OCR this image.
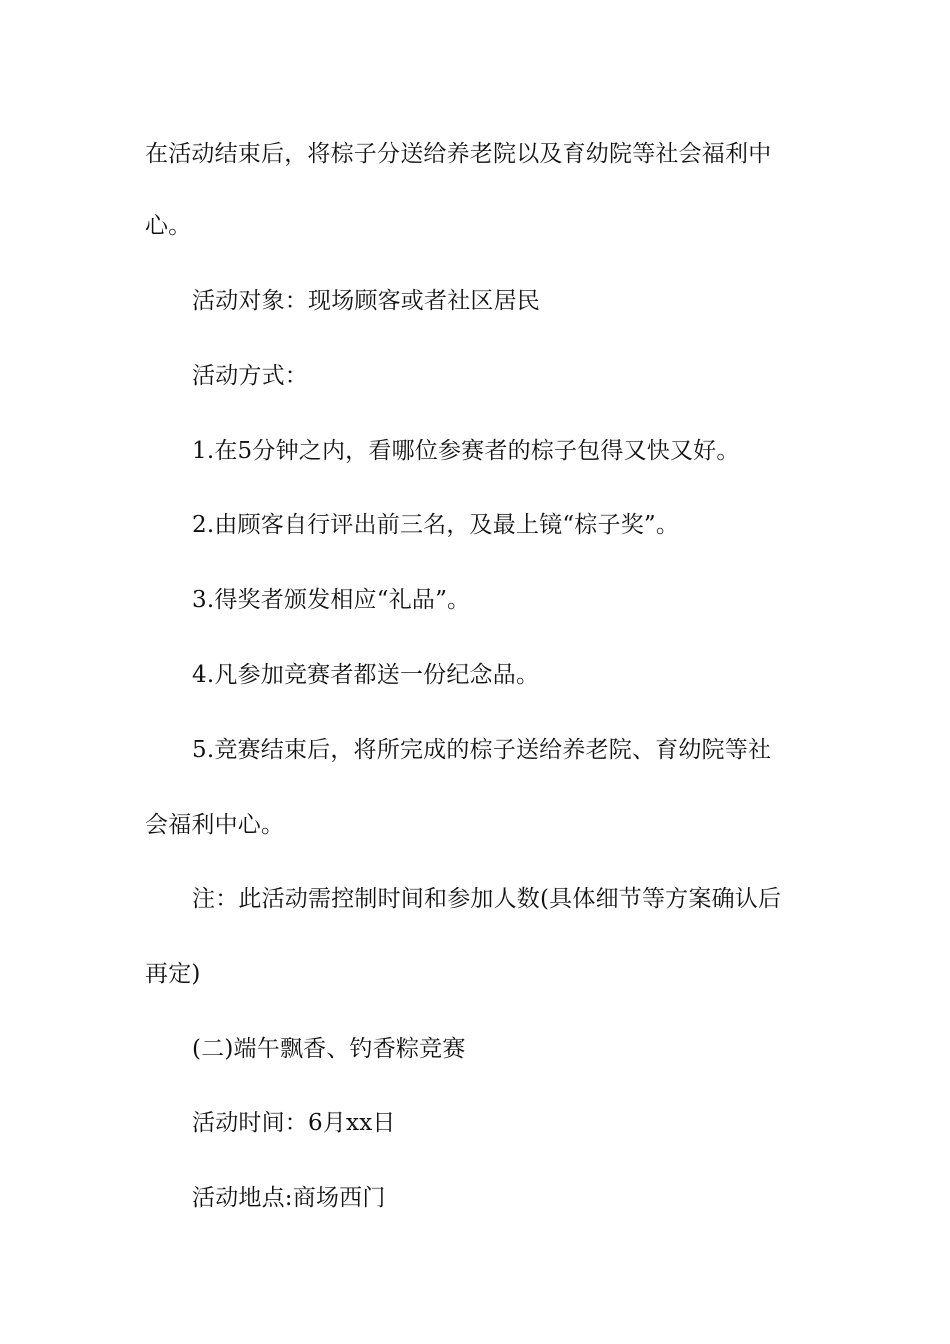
在活动结束后，将棕子分送给养老院以及育幼院等社会福利中
心。
活动对象：现场顾客或者社区居民
活动方式：
1.在5分钟之内，看哪位参赛者的棕子包得又快又好。
2.由顾客自行评出前三名，及最上镜“棕子奖”。
3.得奖者颁发相应“礼品”。
4.凡参加竞赛者都送一份纪念品。
5.竞赛结束后，将所完成的棕子送给养老院、育幼院等社
会福利中心。
注：此活动需控制时间和参加人数(具体细节等方案确认后
再定)
(二)端午飘香、钓香粽竞赛
活动时间：6月xx日
活动地点:商场西门
